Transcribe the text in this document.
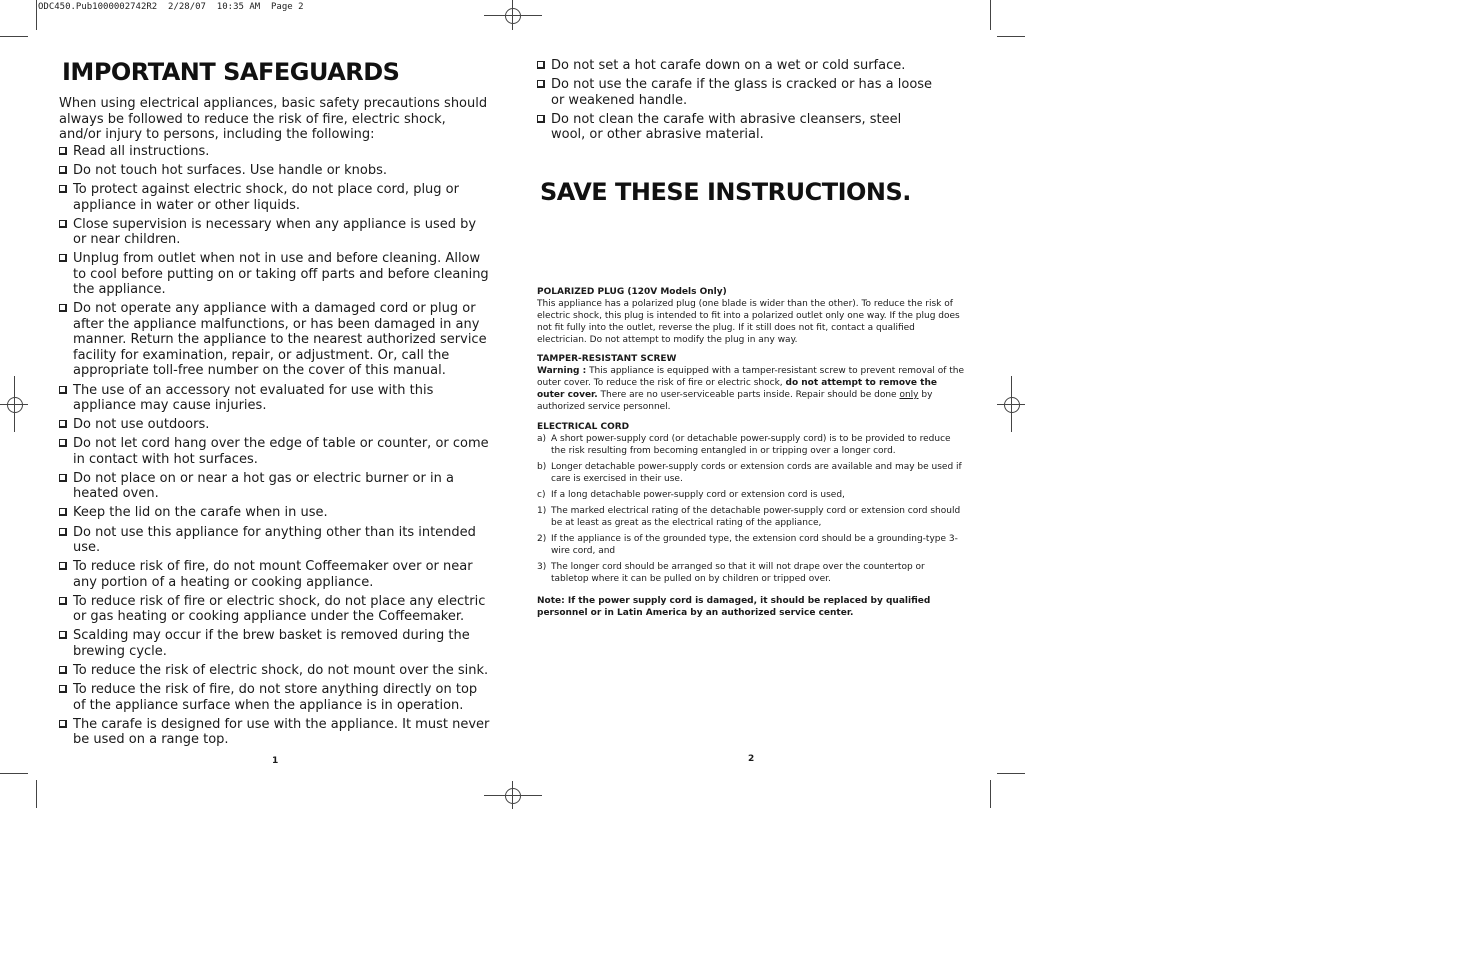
ODC450.Pub1000002742R2  2/28/07  10:35 AM  Page 2
IMPORTANT SAFEGUARDS

When using electrical appliances, basic safety precautions should always be followed to reduce the risk of fire, electric shock, and/or injury to persons, including the following:

Read all instructions.
Do not touch hot surfaces. Use handle or knobs.
To protect against electric shock, do not place cord, plug or appliance in water or other liquids.
Close supervision is necessary when any appliance is used by or near children.
Unplug from outlet when not in use and before cleaning. Allow to cool before putting on or taking off parts and before cleaning the appliance.
Do not operate any appliance with a damaged cord or plug or after the appliance malfunctions, or has been damaged in any manner. Return the appliance to the nearest authorized service facility for examination, repair, or adjustment. Or, call the appropriate toll-free number on the cover of this manual.
The use of an accessory not evaluated for use with this appliance may cause injuries.
Do not use outdoors.
Do not let cord hang over the edge of table or counter, or come in contact with hot surfaces.
Do not place on or near a hot gas or electric burner or in a heated oven.
Keep the lid on the carafe when in use.
Do not use this appliance for anything other than its intended use.
To reduce risk of fire, do not mount Coffeemaker over or near any portion of a heating or cooking appliance.
To reduce risk of fire or electric shock, do not place any electric or gas heating or cooking appliance under the Coffeemaker.
Scalding may occur if the brew basket is removed during the brewing cycle.
To reduce the risk of electric shock, do not mount over the sink.
To reduce the risk of fire, do not store anything directly on top of the appliance surface when the appliance is in operation.
The carafe is designed for use with the appliance. It must never be used on a range top.
1
Do not set a hot carafe down on a wet or cold surface.
Do not use the carafe if the glass is cracked or has a loose or weakened handle.
Do not clean the carafe with abrasive cleansers, steel wool, or other abrasive material.
SAVE THESE INSTRUCTIONS.
POLARIZED PLUG (120V Models Only)

This appliance has a polarized plug (one blade is wider than the other). To reduce the risk of electric shock, this plug is intended to fit into a polarized outlet only one way. If the plug does not fit fully into the outlet, reverse the plug. If it still does not fit, contact a qualified electrician. Do not attempt to modify the plug in any way.

TAMPER-RESISTANT SCREW

Warning : This appliance is equipped with a tamper-resistant screw to prevent removal of the outer cover. To reduce the risk of fire or electric shock, do not attempt to remove the outer cover. There are no user-serviceable parts inside. Repair should be done only by authorized service personnel.

ELECTRICAL CORD
a) A short power-supply cord (or detachable power-supply cord) is to be provided to reduce the risk resulting from becoming entangled in or tripping over a longer cord.
b) Longer detachable power-supply cords or extension cords are available and may be used if care is exercised in their use.
c) If a long detachable power-supply cord or extension cord is used,
1) The marked electrical rating of the detachable power-supply cord or extension cord should be at least as great as the electrical rating of the appliance,
2) If the appliance is of the grounded type, the extension cord should be a grounding-type 3-wire cord, and
3) The longer cord should be arranged so that it will not drape over the countertop or tabletop where it can be pulled on by children or tripped over.

Note: If the power supply cord is damaged, it should be replaced by qualified personnel or in Latin America by an authorized service center.

2
